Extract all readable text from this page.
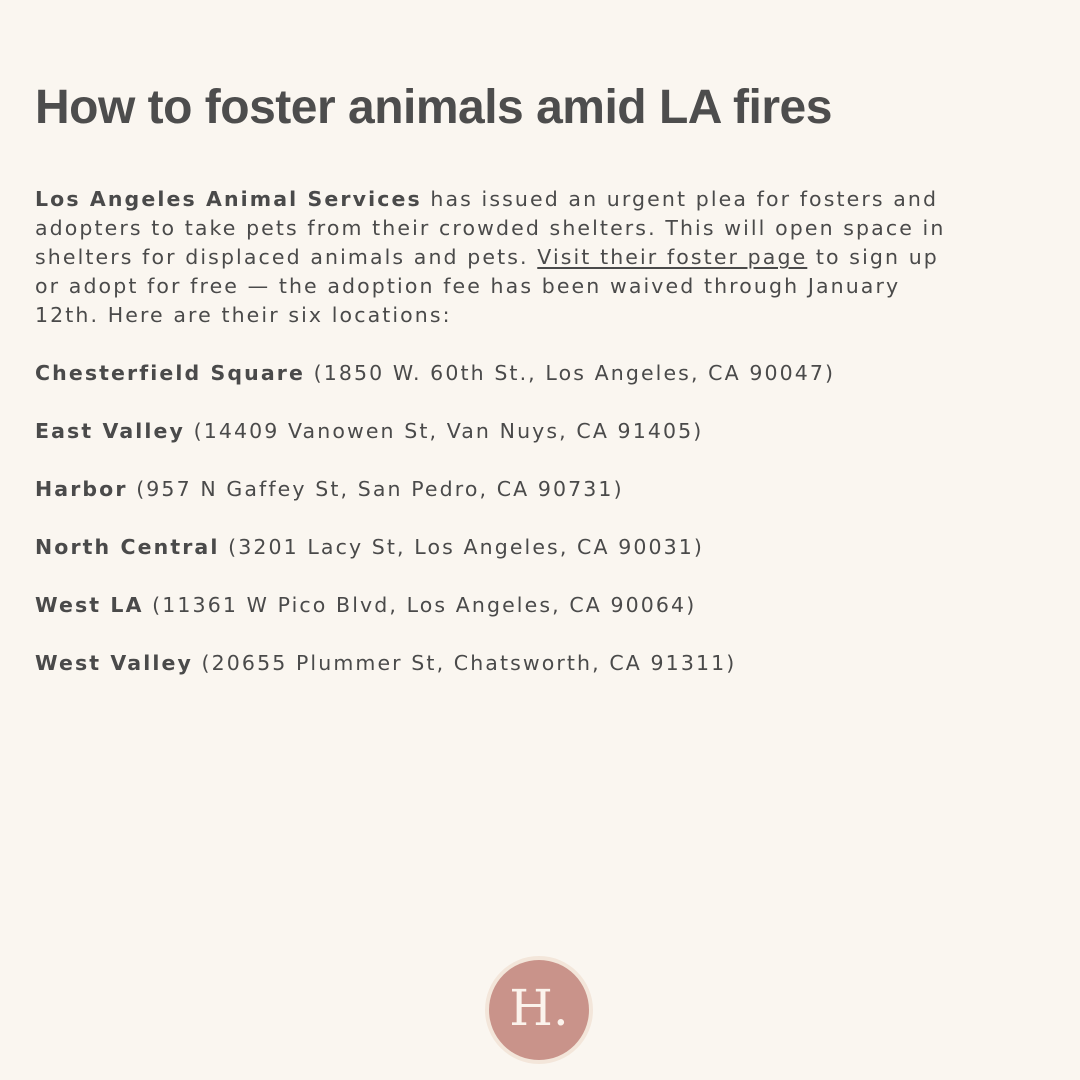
How to foster animals amid LA fires

Los Angeles Animal Services has issued an urgent plea for fosters and
adopters to take pets from their crowded shelters. This will open space in
shelters for displaced animals and pets. Visit their foster page to sign up
or adopt for free — the adoption fee has been waived through January
12th. Here are their six locations:

Chesterfield Square (1850 W. 60th St., Los Angeles, CA 90047)
East Valley (14409 Vanowen St, Van Nuys, CA 91405)
Harbor (957 N Gaffey St, San Pedro, CA 90731)
North Central (3201 Lacy St, Los Angeles, CA 90031)
West LA (11361 W Pico Blvd, Los Angeles, CA 90064)
West Valley (20655 Plummer St, Chatsworth, CA 91311)
H.
